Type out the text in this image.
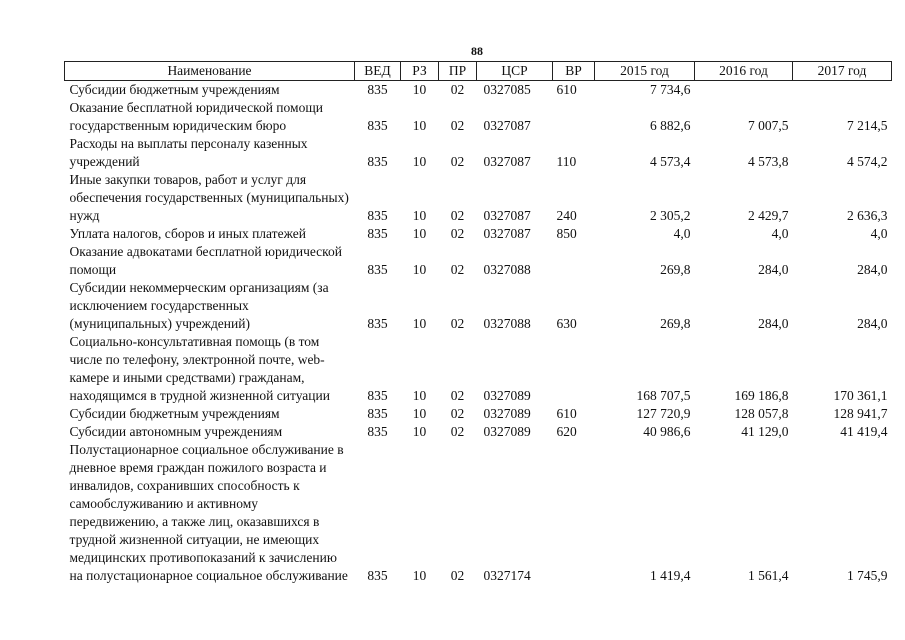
88
Наименование	ВЕД	РЗ	ПР	ЦСР	ВР	2015 год	2016 год	2017 год
Субсидии бюджетным учреждениям	835	10	02	0327085	610	7 734,6		
Оказание бесплатной юридической помощи государственным юридическим бюро	835	10	02	0327087		6 882,6	7 007,5	7 214,5
Расходы на выплаты персоналу казенных учреждений	835	10	02	0327087	110	4 573,4	4 573,8	4 574,2
Иные закупки товаров, работ и услуг для обеспечения государственных (муниципальных) нужд	835	10	02	0327087	240	2 305,2	2 429,7	2 636,3
Уплата налогов, сборов и иных платежей	835	10	02	0327087	850	4,0	4,0	4,0
Оказание адвокатами бесплатной юридической помощи	835	10	02	0327088		269,8	284,0	284,0
Субсидии некоммерческим организациям (за исключением государственных (муниципальных) учреждений)	835	10	02	0327088	630	269,8	284,0	284,0
Социально-консультативная помощь (в том числе по телефону, электронной почте, web-камере и иными средствами) гражданам, находящимся в трудной жизненной ситуации	835	10	02	0327089		168 707,5	169 186,8	170 361,1
Субсидии бюджетным учреждениям	835	10	02	0327089	610	127 720,9	128 057,8	128 941,7
Субсидии автономным учреждениям	835	10	02	0327089	620	40 986,6	41 129,0	41 419,4
Полустационарное социальное обслуживание в дневное время граждан пожилого возраста и инвалидов, сохранивших способность к самообслуживанию и активному передвижению, а также лиц, оказавшихся в трудной жизненной ситуации, не имеющих медицинских противопоказаний к зачислению на полустационарное социальное обслуживание	835	10	02	0327174		1 419,4	1 561,4	1 745,9
